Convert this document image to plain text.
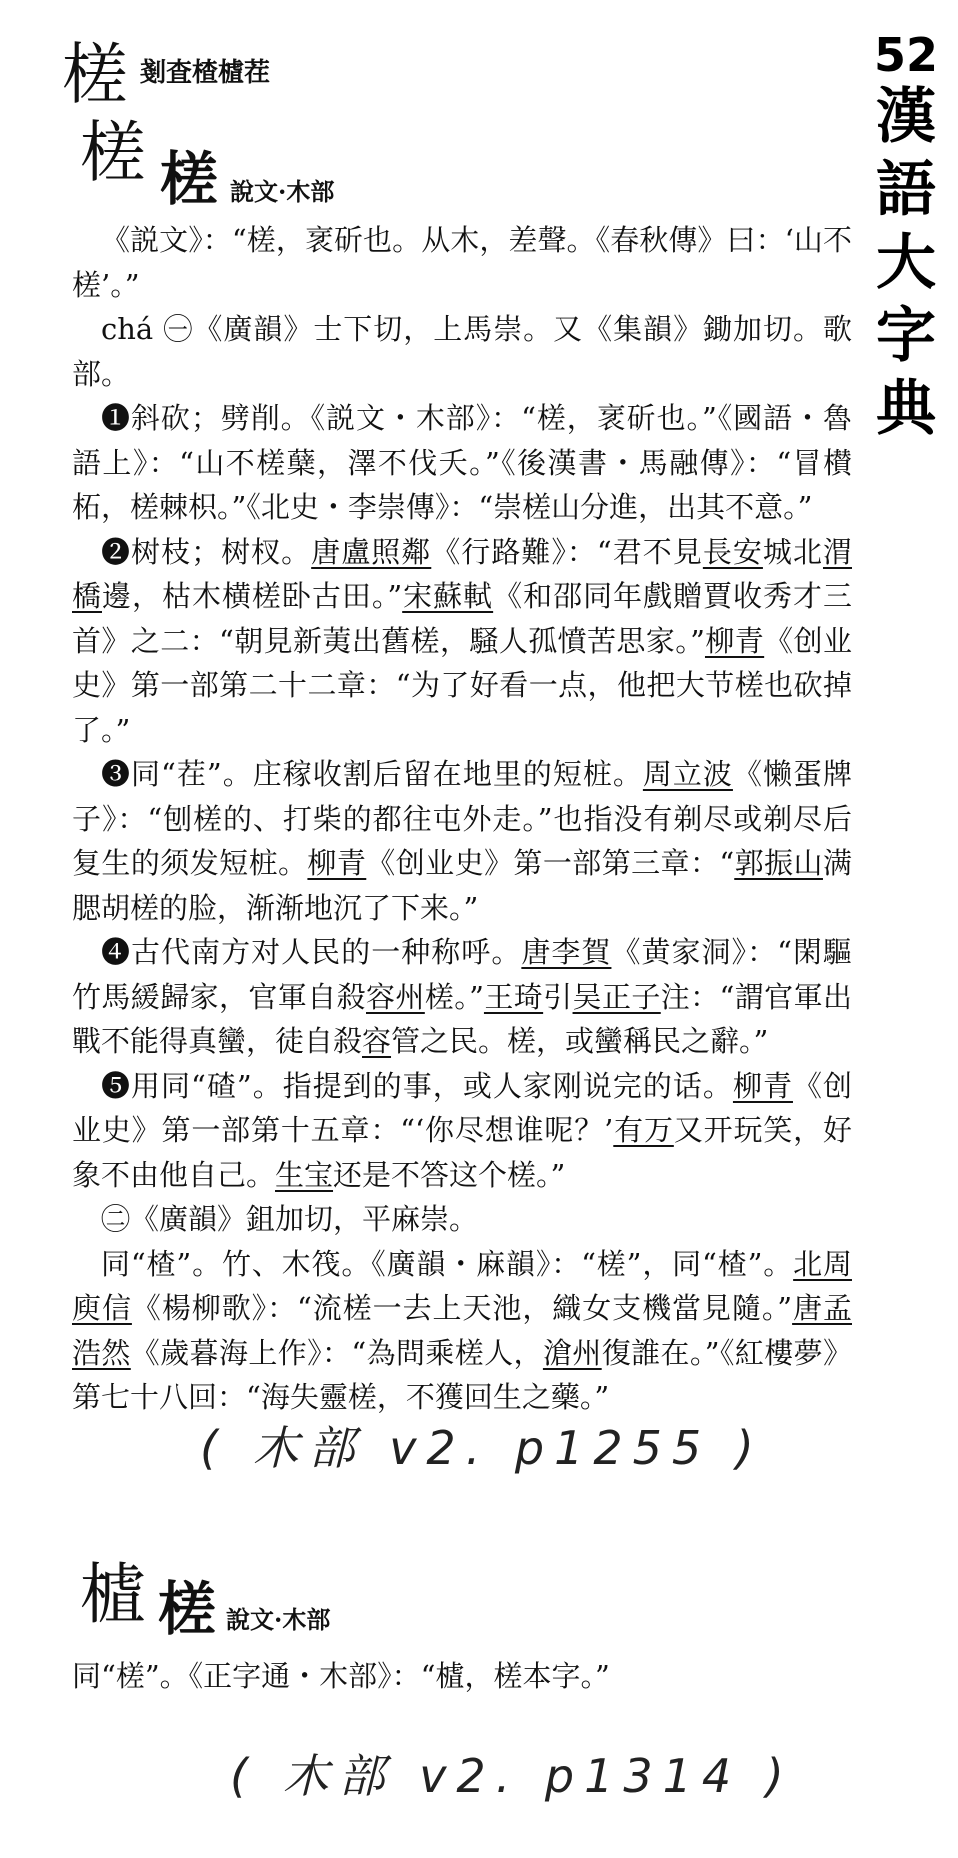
槎 剗査楂樝茬	52
漢
語
大
字
典
槎 槎 說文·木部

《説文》：“槎，衺斫也。从木，差聲。《春秋傳》曰：‘山不槎’。”

chá ㊀《廣韻》士下切，上馬崇。又《集韻》鋤加切。歌部。

❶斜砍；劈削。《説文・木部》：“槎，衺斫也。”《國語・魯語上》：“山不槎蘖，澤不伐夭。”《後漢書・馬融傳》：“冒櫕柘，槎棘枳。”《北史・李崇傳》：“崇槎山分進，出其不意。”

❷树枝；树杈。唐盧照鄰《行路難》：“君不見長安城北渭橋邊，枯木横槎卧古田。”宋蘇軾《和邵同年戲贈賈收秀才三首》之二：“朝見新荑出舊槎，騒人孤憤苦思家。”柳青《创业史》第一部第二十二章：“为了好看一点，他把大节槎也砍掉了。”

❸同“茬”。庄稼收割后留在地里的短桩。周立波《懒蛋牌子》：“刨槎的、打柴的都往屯外走。”也指没有剃尽或剃尽后复生的须发短桩。柳青《创业史》第一部第三章：“郭振山满腮胡槎的脸，渐渐地沉了下来。”

❹古代南方对人民的一种称呼。唐李賀《黄家洞》：“閑驅竹馬緩歸家，官軍自殺容州槎。”王琦引吴正子注：“謂官軍出戰不能得真蠻，徒自殺容管之民。槎，或蠻稱民之辭。”

❺用同“碴”。指提到的事，或人家刚说完的话。柳青《创业史》第一部第十五章：“‘你尽想谁呢？’有万又开玩笑，好象不由他自己。生宝还是不答这个槎。”

㊁《廣韻》鉏加切，平麻崇。

同“楂”。竹、木筏。《廣韻・麻韻》：“槎”，同“楂”。北周庾信《楊柳歌》：“流槎一去上天池，織女支機當見隨。”唐孟浩然《歲暮海上作》：“為問乘槎人，滄州復誰在。”《紅樓夢》第七十八回：“海失靈槎，不獲回生之藥。”

( 木部 v2. p1255 )
樝 槎 說文·木部

同“槎”。《正字通・木部》：“樝，槎本字。”

( 木部 v2. p1314 )
